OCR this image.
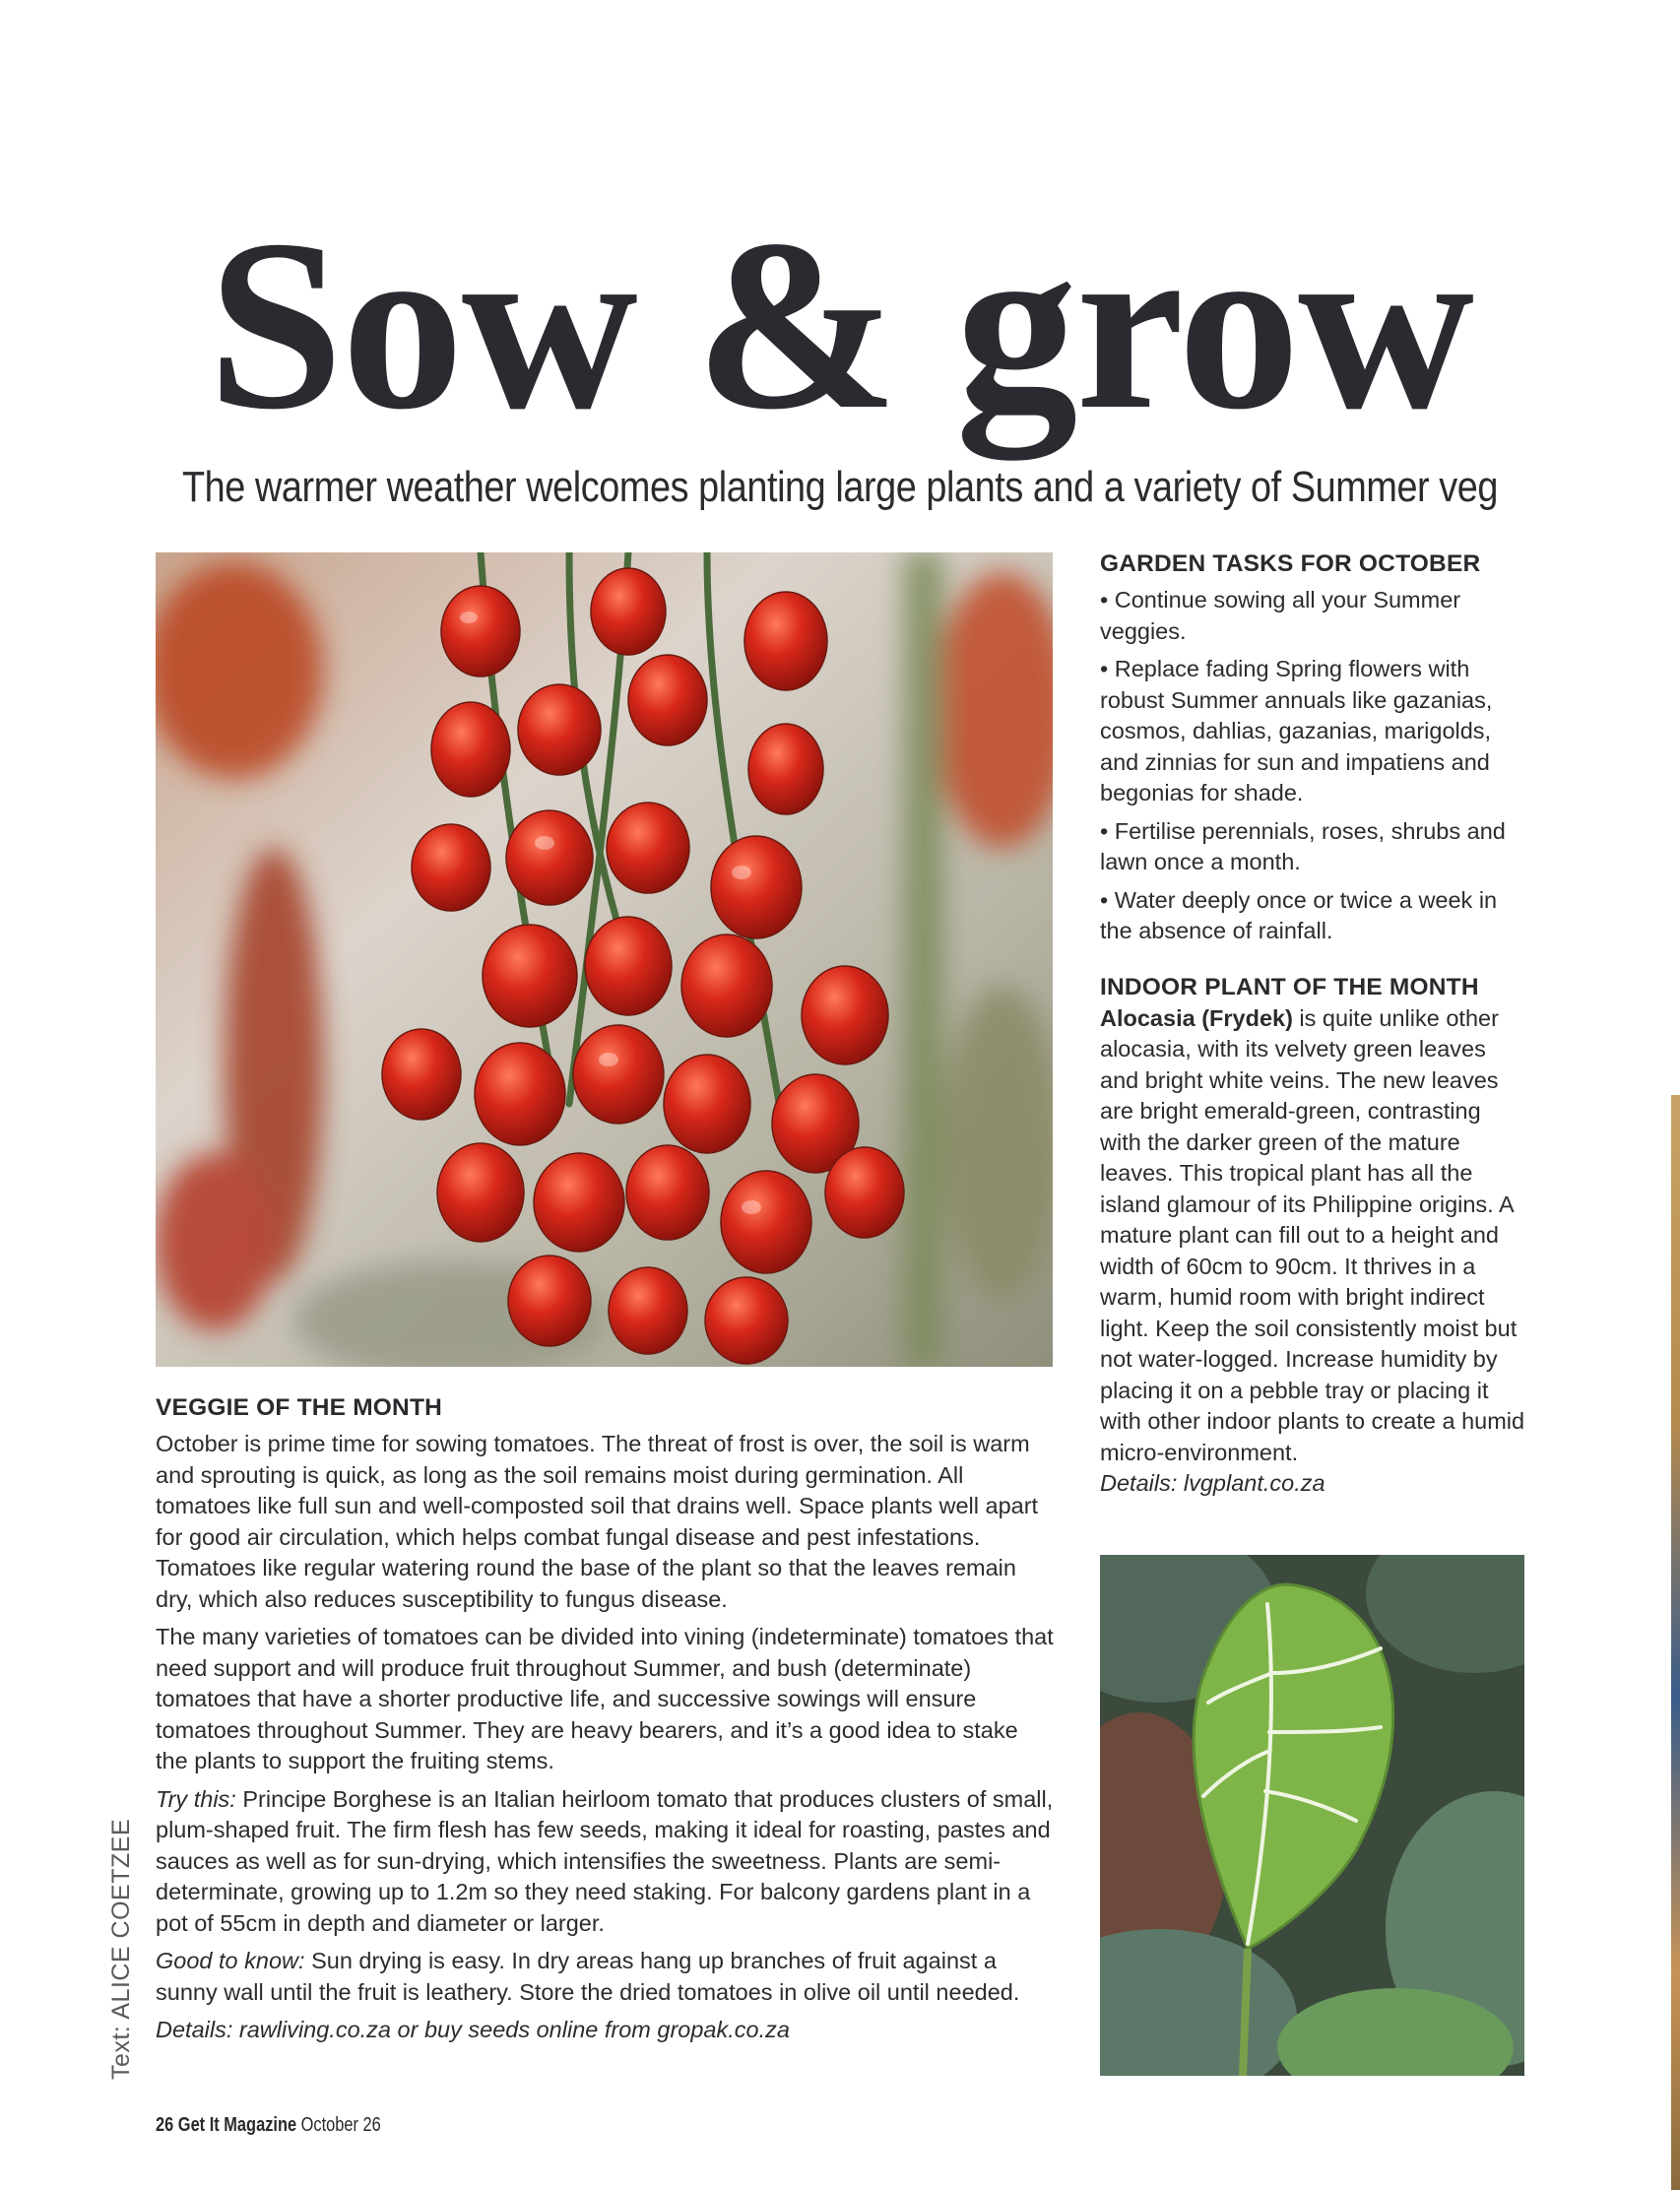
Sow & grow
The warmer weather welcomes planting large plants and a variety of Summer veg
VEGGIE OF THE MONTH

October is prime time for sowing tomatoes. The threat of frost is over, the soil is warm and sprouting is quick, as long as the soil remains moist during germination. All tomatoes like full sun and well-composted soil that drains well. Space plants well apart for good air circulation, which helps combat fungal disease and pest infestations. Tomatoes like regular watering round the base of the plant so that the leaves remain dry, which also reduces susceptibility to fungus disease.

The many varieties of tomatoes can be divided into vining (indeterminate) tomatoes that need support and will produce fruit throughout Summer, and bush (determinate) tomatoes that have a shorter productive life, and successive sowings will ensure tomatoes throughout Summer. They are heavy bearers, and it’s a good idea to stake the plants to support the fruiting stems.

Try this: Principe Borghese is an Italian heirloom tomato that produces clusters of small, plum-shaped fruit. The firm flesh has few seeds, making it ideal for roasting, pastes and sauces as well as for sun-drying, which intensifies the sweetness. Plants are semi-determinate, growing up to 1.2m so they need staking. For balcony gardens plant in a pot of 55cm in depth and diameter or larger.

Good to know: Sun drying is easy. In dry areas hang up branches of fruit against a sunny wall until the fruit is leathery. Store the dried tomatoes in olive oil until needed.

Details: rawliving.co.za or buy seeds online from gropak.co.za

GARDEN TASKS FOR OCTOBER

• Continue sowing all your Summer veggies.

• Replace fading Spring flowers with robust Summer annuals like gazanias, cosmos, dahlias, gazanias, marigolds, and zinnias for sun and impatiens and begonias for shade.

• Fertilise perennials, roses, shrubs and lawn once a month.

• Water deeply once or twice a week in the absence of rainfall.

INDOOR PLANT OF THE MONTH

Alocasia (Frydek) is quite unlike other alocasia, with its velvety green leaves and bright white veins. The new leaves are bright emerald-green, contrasting with the darker green of the mature leaves. This tropical plant has all the island glamour of its Philippine origins. A mature plant can fill out to a height and width of 60cm to 90cm. It thrives in a warm, humid room with bright indirect light. Keep the soil consistently moist but not water-logged. Increase humidity by placing it on a pebble tray or placing it with other indoor plants to create a humid micro-environment.

Details: lvgplant.co.za

Text: ALICE COETZEE
26 Get It Magazine October 26
